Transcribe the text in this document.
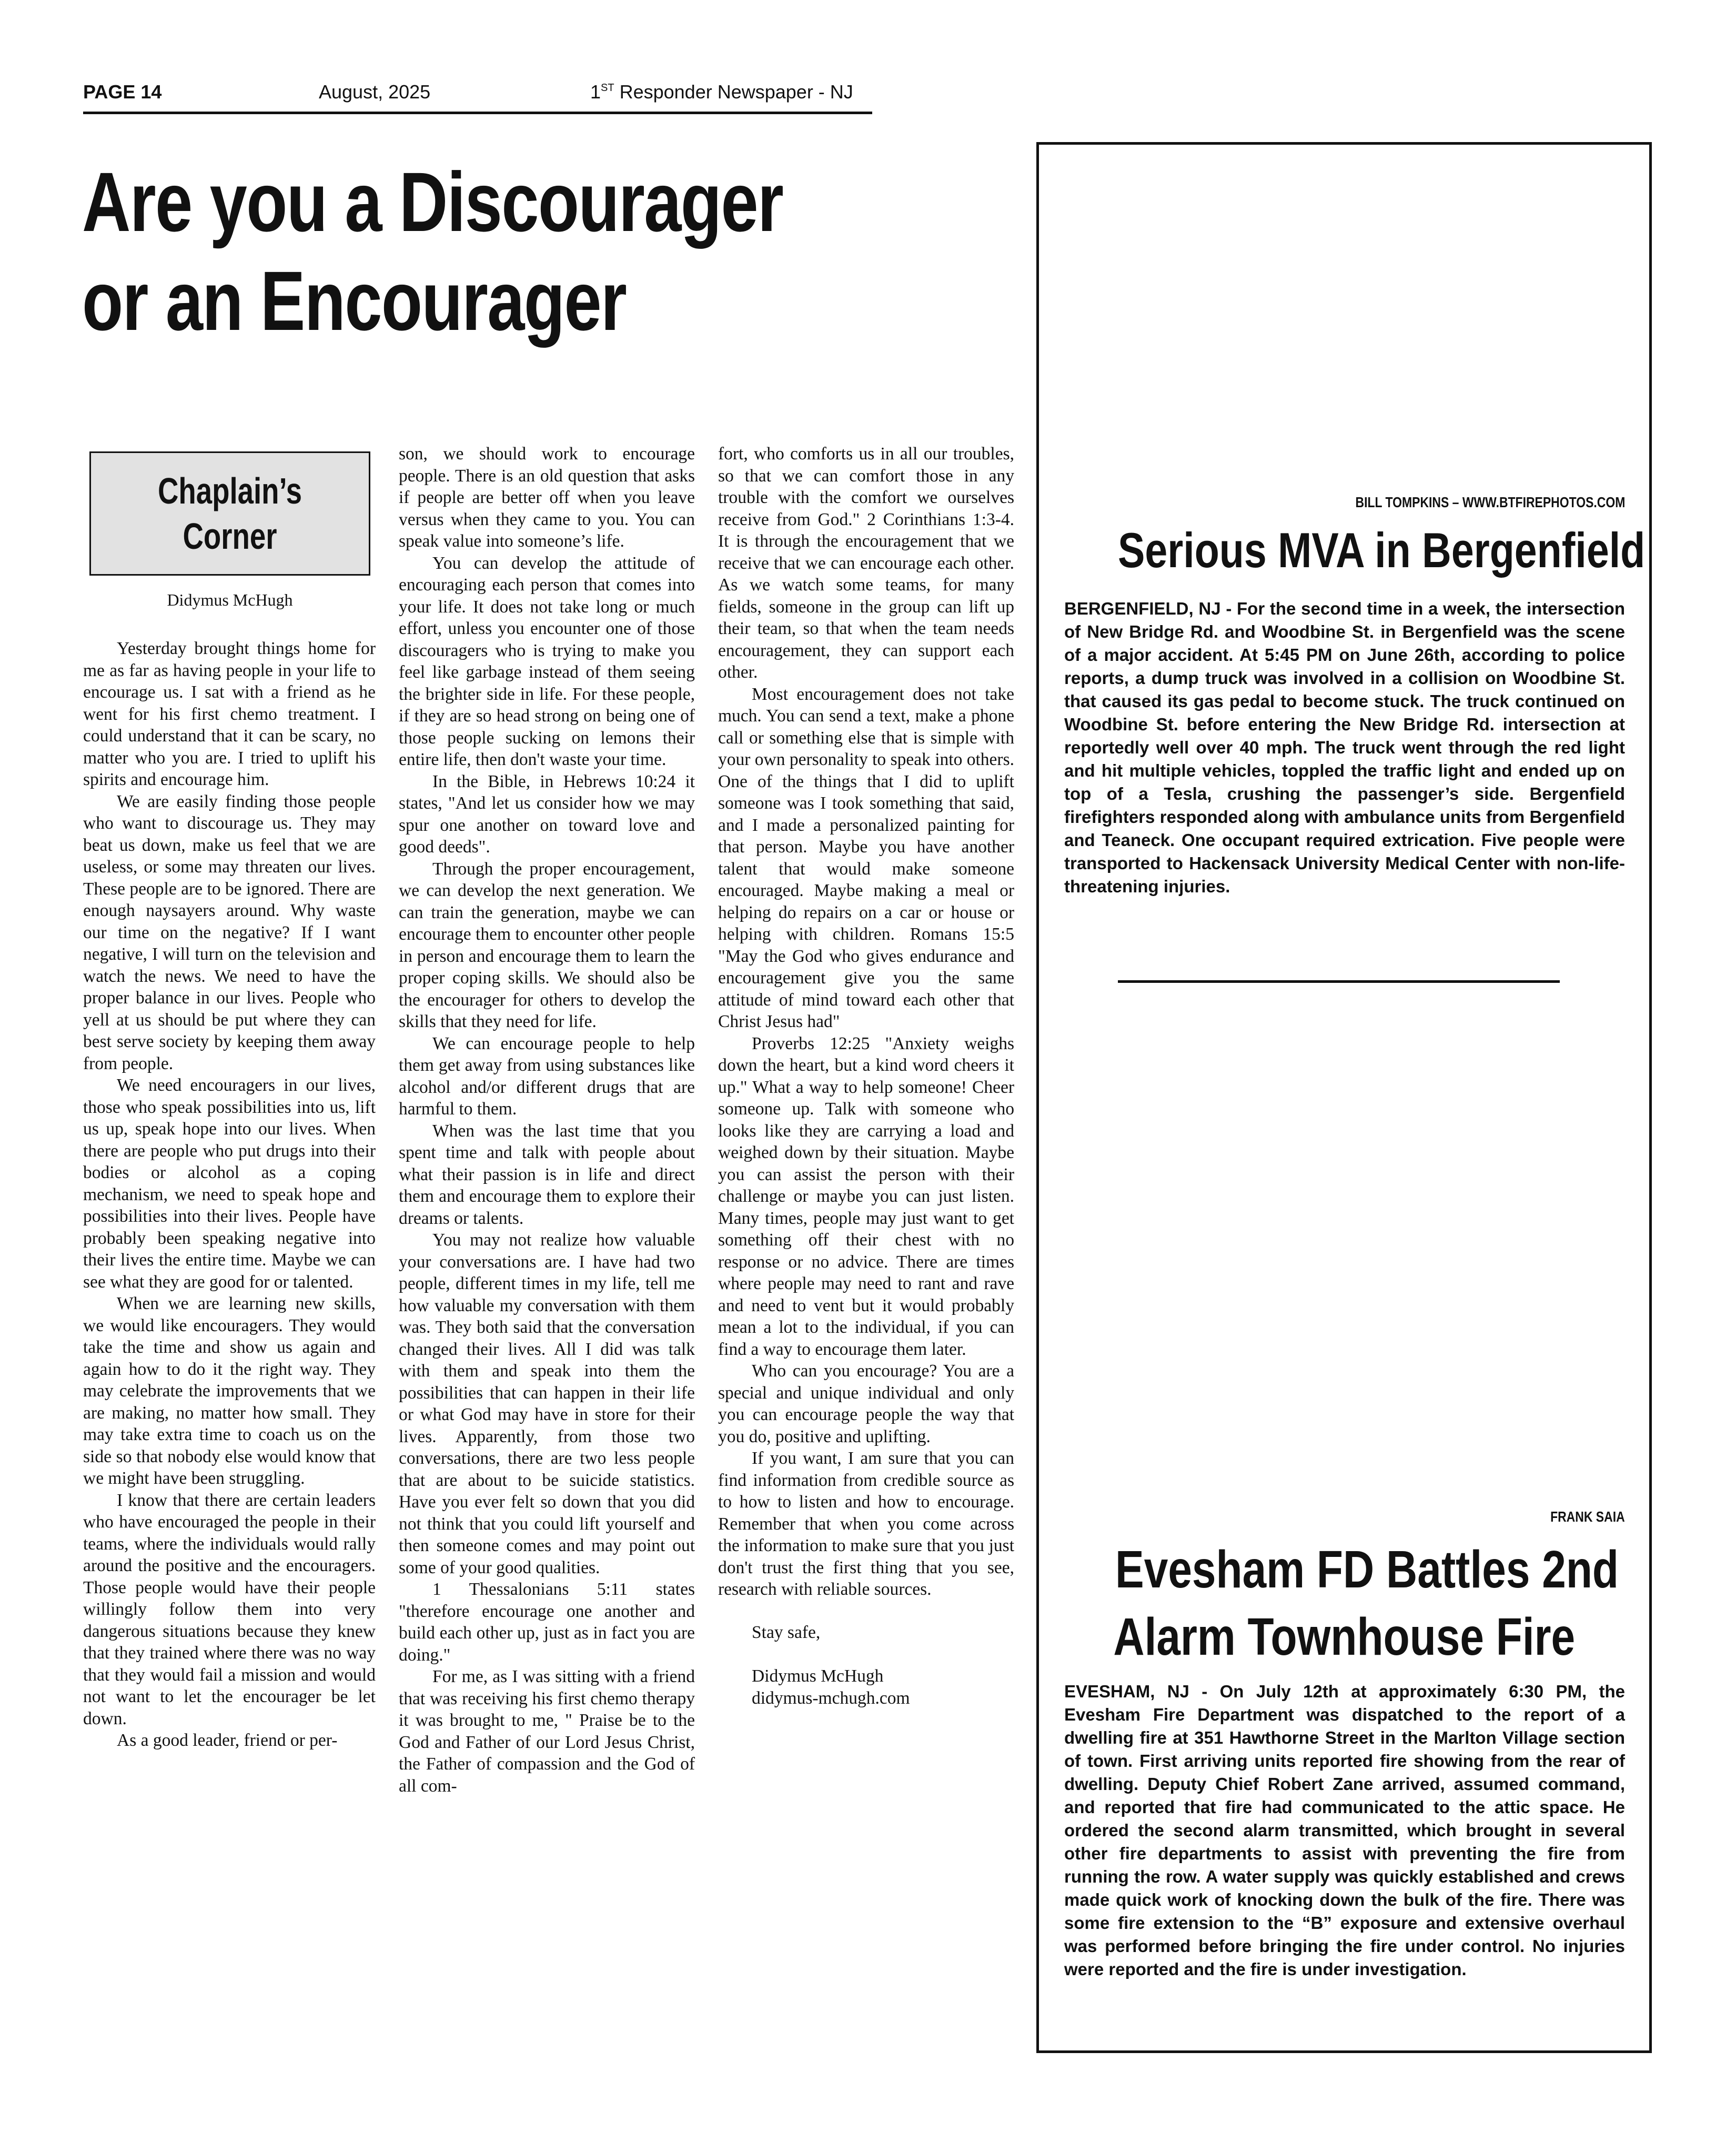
PAGE 14	August, 2025	1ST Responder Newspaper - NJ
Are you a Discourager
or an Encourager
Chaplain’s
Corner
Didymus McHugh

Yesterday brought things home for me as far as having people in your life to encourage us. I sat with a friend as he went for his first chemo treatment. I could understand that it can be scary, no matter who you are. I tried to uplift his spirits and encourage him.

We are easily finding those people who want to discourage us. They may beat us down, make us feel that we are useless, or some may threaten our lives. These people are to be ignored. There are enough naysayers around. Why waste our time on the negative? If I want negative, I will turn on the television and watch the news. We need to have the proper balance in our lives. People who yell at us should be put where they can best serve society by keeping them away from people.

We need encouragers in our lives, those who speak possibilities into us, lift us up, speak hope into our lives. When there are people who put drugs into their bodies or alcohol as a coping mechanism, we need to speak hope and possibilities into their lives. People have probably been speaking negative into their lives the entire time. Maybe we can see what they are good for or talented.

When we are learning new skills, we would like encouragers. They would take the time and show us again and again how to do it the right way. They may celebrate the improvements that we are making, no matter how small. They may take extra time to coach us on the side so that nobody else would know that we might have been struggling.

I know that there are certain leaders who have encouraged the people in their teams, where the individuals would rally around the positive and the encouragers. Those people would have their people willingly follow them into very dangerous situations because they knew that they trained where there was no way that they would fail a mission and would not want to let the encourager be let down.

As a good leader, friend or per-

son, we should work to encourage people. There is an old question that asks if people are better off when you leave versus when they came to you. You can speak value into someone’s life.

You can develop the attitude of encouraging each person that comes into your life. It does not take long or much effort, unless you encounter one of those discouragers who is trying to make you feel like garbage instead of them seeing the brighter side in life. For these people, if they are so head strong on being one of those people sucking on lemons their entire life, then don't waste your time.

In the Bible, in Hebrews 10:24 it states, "And let us consider how we may spur one another on toward love and good deeds".

Through the proper encouragement, we can develop the next generation. We can train the generation, maybe we can encourage them to encounter other people in person and encourage them to learn the proper coping skills. We should also be the encourager for others to develop the skills that they need for life.

We can encourage people to help them get away from using substances like alcohol and/or different drugs that are harmful to them.

When was the last time that you spent time and talk with people about what their passion is in life and direct them and encourage them to explore their dreams or talents.

You may not realize how valuable your conversations are. I have had two people, different times in my life, tell me how valuable my conversation with them was. They both said that the conversation changed their lives. All I did was talk with them and speak into them the possibilities that can happen in their life or what God may have in store for their lives. Apparently, from those two conversations, there are two less people that are about to be suicide statistics. Have you ever felt so down that you did not think that you could lift yourself and then someone comes and may point out some of your good qualities.

1 Thessalonians 5:11 states "therefore encourage one another and build each other up, just as in fact you are doing."

For me, as I was sitting with a friend that was receiving his first chemo therapy it was brought to me, " Praise be to the God and Father of our Lord Jesus Christ, the Father of compassion and the God of all com-

fort, who comforts us in all our troubles, so that we can comfort those in any trouble with the comfort we ourselves receive from God." 2 Corinthians 1:3-4. It is through the encouragement that we receive that we can encourage each other. As we watch some teams, for many fields, someone in the group can lift up their team, so that when the team needs encouragement, they can support each other.

Most encouragement does not take much. You can send a text, make a phone call or something else that is simple with your own personality to speak into others. One of the things that I did to uplift someone was I took something that said, and I made a personalized painting for that person. Maybe you have another talent that would make someone encouraged. Maybe making a meal or helping do repairs on a car or house or helping with children. Romans 15:5 "May the God who gives endurance and encouragement give you the same attitude of mind toward each other that Christ Jesus had"

Proverbs 12:25 "Anxiety weighs down the heart, but a kind word cheers it up." What a way to help someone! Cheer someone up. Talk with someone who looks like they are carrying a load and weighed down by their situation. Maybe you can assist the person with their challenge or maybe you can just listen. Many times, people may just want to get something off their chest with no response or no advice. There are times where people may need to rant and rave and need to vent but it would probably mean a lot to the individual, if you can find a way to encourage them later.

Who can you encourage? You are a special and unique individual and only you can encourage people the way that you do, positive and uplifting.

If you want, I am sure that you can find information from credible source as to how to listen and how to encourage. Remember that when you come across the information to make sure that you just don't trust the first thing that you see, research with reliable sources.

Stay safe,
Didymus McHugh
didymus-mchugh.com
BILL TOMPKINS – WWW.BTFIREPHOTOS.COM
Serious MVA in Bergenfield
BERGENFIELD, NJ - For the second time in a week, the intersection of New Bridge Rd. and Woodbine St. in Bergenfield was the scene of a major accident. At 5:45 PM on June 26th, according to police reports, a dump truck was involved in a collision on Woodbine St. that caused its gas pedal to become stuck. The truck continued on Woodbine St. before entering the New Bridge Rd. intersection at reportedly well over 40 mph. The truck went through the red light and hit multiple vehicles, toppled the traffic light and ended up on top of a Tesla, crushing the passenger’s side. Bergenfield firefighters responded along with ambulance units from Bergenfield and Teaneck. One occupant required extrication. Five people were transported to Hackensack University Medical Center with non-life-threatening injuries.
FRANK SAIA
Evesham FD Battles 2nd
Alarm Townhouse Fire
EVESHAM, NJ - On July 12th at approximately 6:30 PM, the Evesham Fire Department was dispatched to the report of a dwelling fire at 351 Hawthorne Street in the Marlton Village section of town. First arriving units reported fire showing from the rear of dwelling. Deputy Chief Robert Zane arrived, assumed command, and reported that fire had communicated to the attic space. He ordered the second alarm transmitted, which brought in several other fire departments to assist with preventing the fire from running the row. A water supply was quickly established and crews made quick work of knocking down the bulk of the fire. There was some fire extension to the “B” exposure and extensive overhaul was performed before bringing the fire under control. No injuries were reported and the fire is under investigation.
